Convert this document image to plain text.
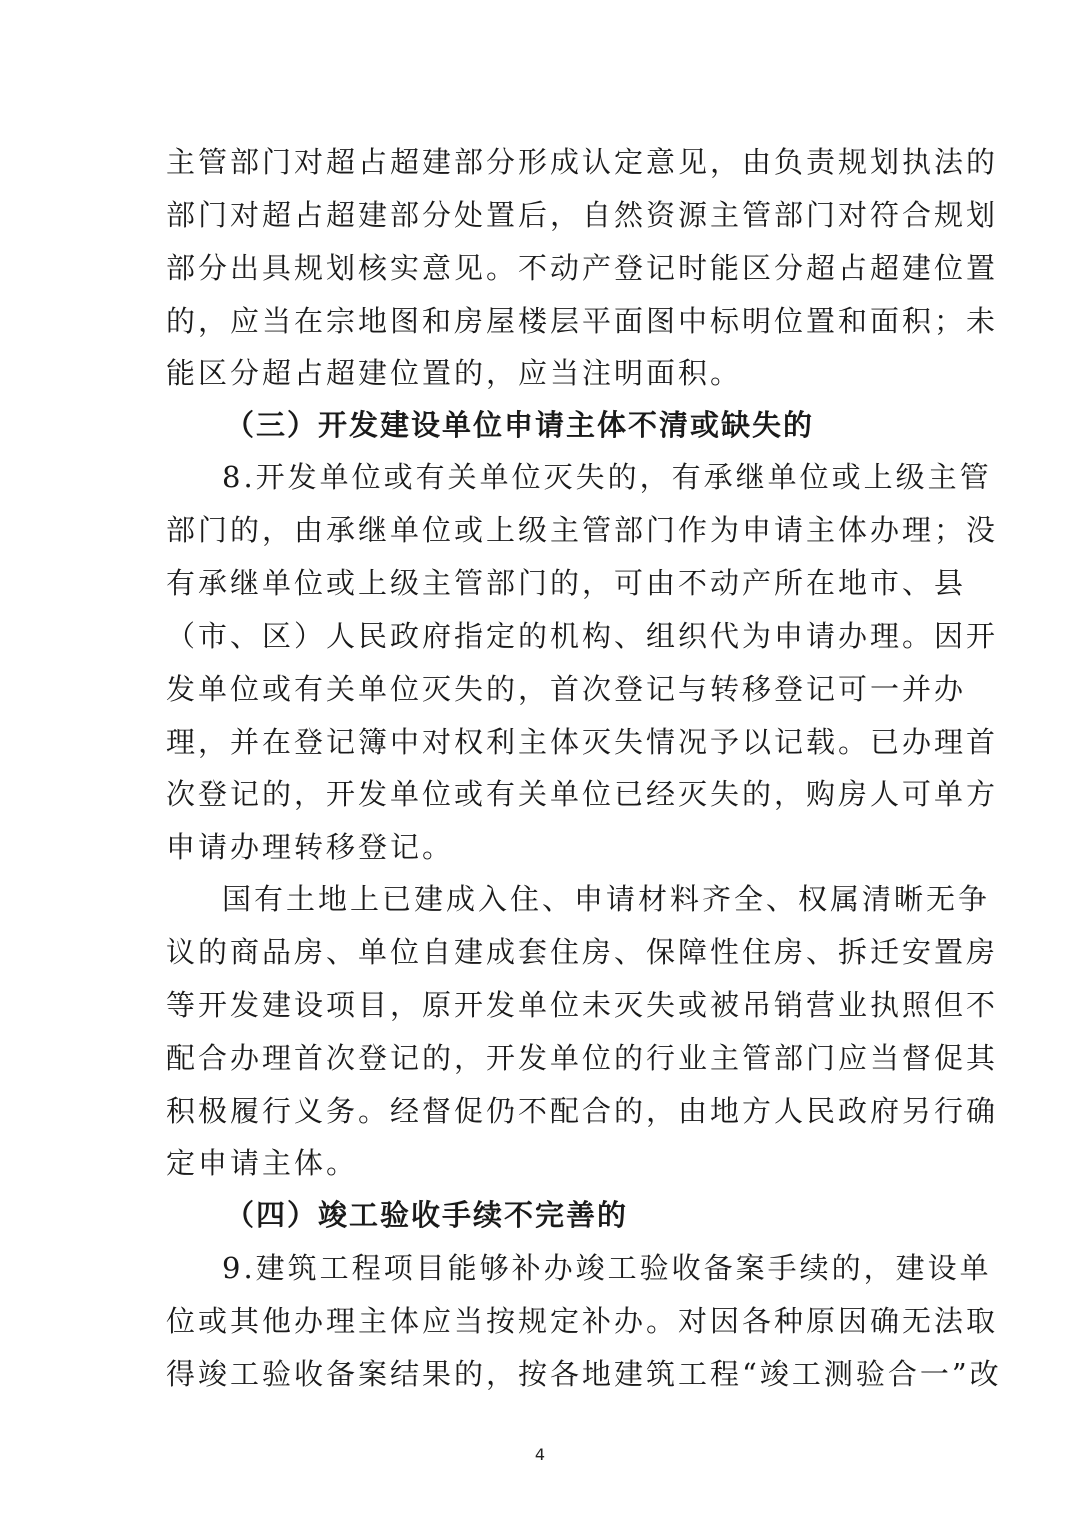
主管部门对超占超建部分形成认定意见，由负责规划执法的
部门对超占超建部分处置后，自然资源主管部门对符合规划
部分出具规划核实意见。不动产登记时能区分超占超建位置
的，应当在宗地图和房屋楼层平面图中标明位置和面积；未
能区分超占超建位置的，应当注明面积。
（三）开发建设单位申请主体不清或缺失的
8.开发单位或有关单位灭失的，有承继单位或上级主管
部门的，由承继单位或上级主管部门作为申请主体办理；没
有承继单位或上级主管部门的，可由不动产所在地市、县
（市、区）人民政府指定的机构、组织代为申请办理。因开
发单位或有关单位灭失的，首次登记与转移登记可一并办
理，并在登记簿中对权利主体灭失情况予以记载。已办理首
次登记的，开发单位或有关单位已经灭失的，购房人可单方
申请办理转移登记。
国有土地上已建成入住、申请材料齐全、权属清晰无争
议的商品房、单位自建成套住房、保障性住房、拆迁安置房
等开发建设项目，原开发单位未灭失或被吊销营业执照但不
配合办理首次登记的，开发单位的行业主管部门应当督促其
积极履行义务。经督促仍不配合的，由地方人民政府另行确
定申请主体。
（四）竣工验收手续不完善的
9.建筑工程项目能够补办竣工验收备案手续的，建设单
位或其他办理主体应当按规定补办。对因各种原因确无法取
得竣工验收备案结果的，按各地建筑工程“竣工测验合一”改
4
